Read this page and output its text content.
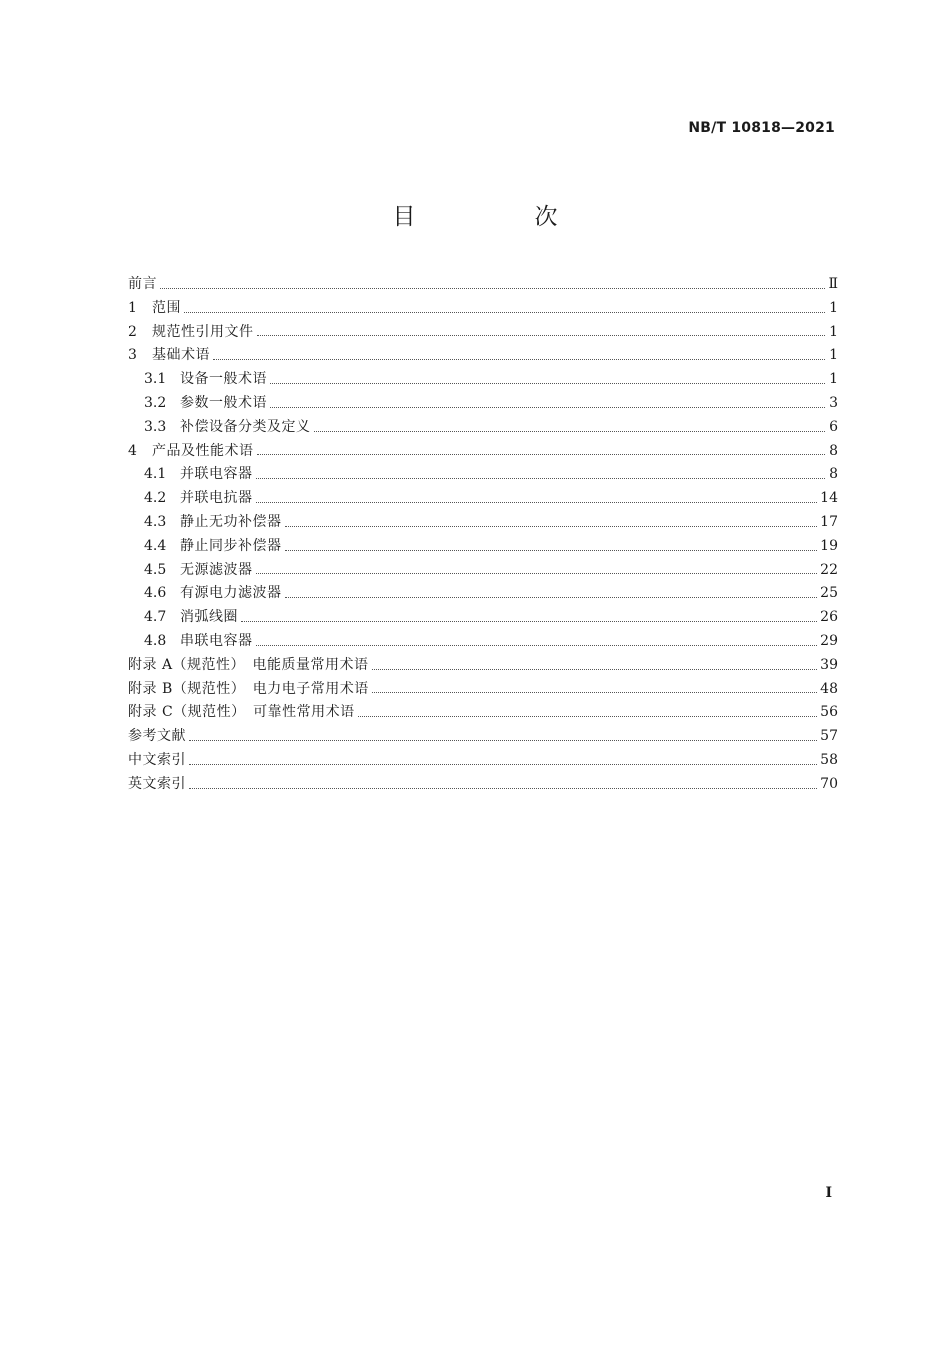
NB/T 10818—2021
目　次
前言	Ⅱ
1	范围	1
2	规范性引用文件	1
3	基础术语	1
3.1 设备一般术语	1
3.2 参数一般术语	3
3.3 补偿设备分类及定义	6
4	产品及性能术语	8
4.1 并联电容器	8
4.2 并联电抗器	14
4.3 静止无功补偿器	17
4.4 静止同步补偿器	19
4.5 无源滤波器	22
4.6 有源电力滤波器	25
4.7 消弧线圈	26
4.8 串联电容器	29
附录 A（规范性）　电能质量常用术语	39
附录 B（规范性）　电力电子常用术语	48
附录 C（规范性）　可靠性常用术语	56
参考文献	57
中文索引	58
英文索引	70
I
